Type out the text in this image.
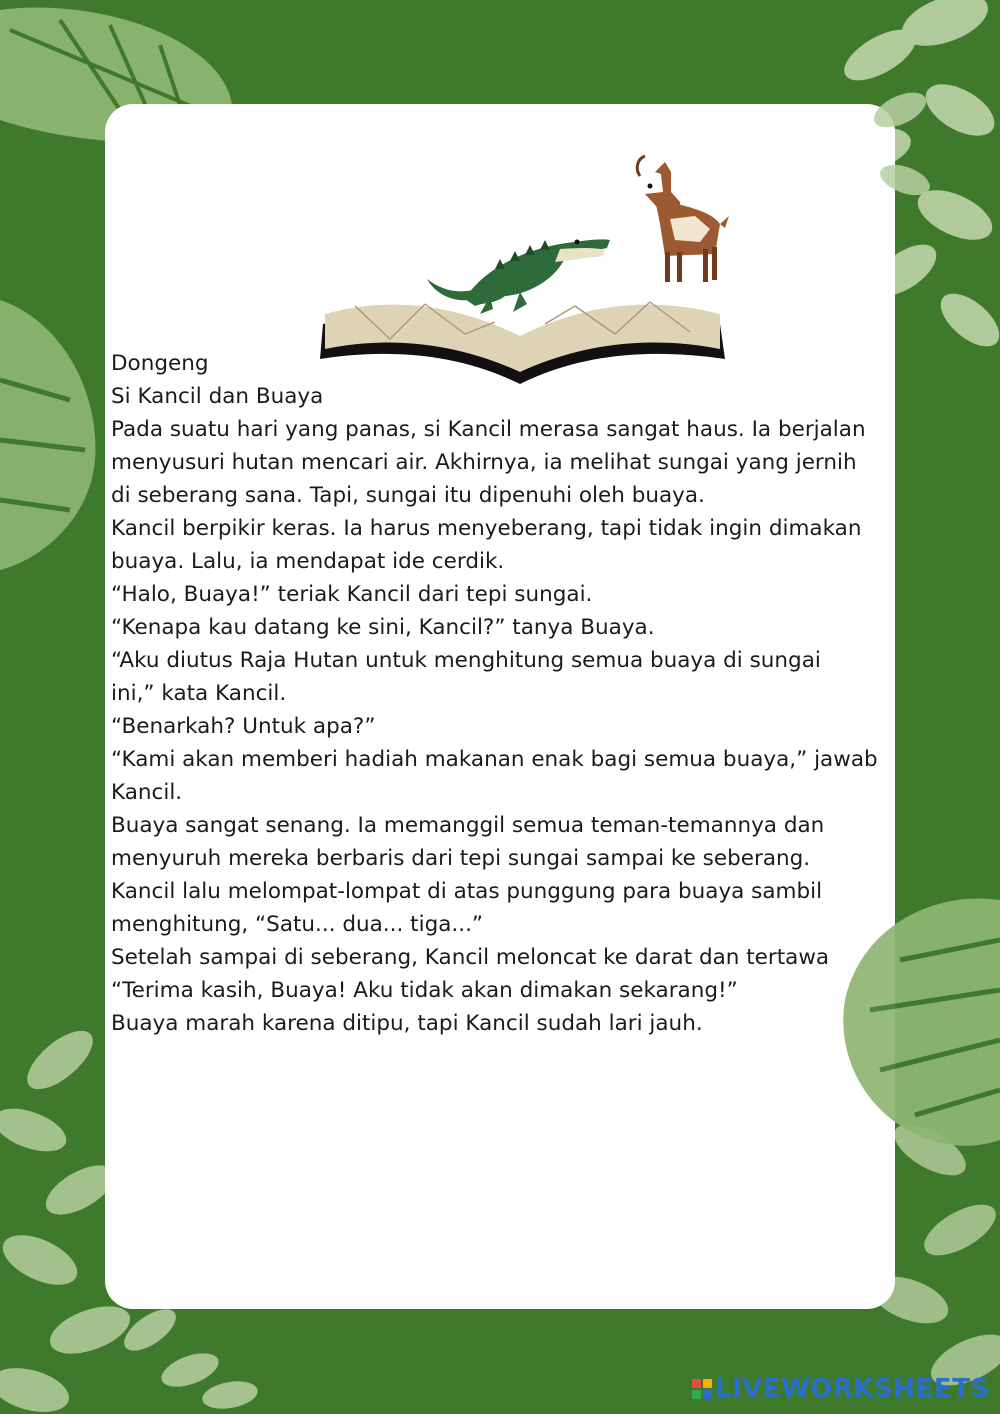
Dongeng
Si Kancil dan Buaya
Pada suatu hari yang panas, si Kancil merasa sangat haus. Ia berjalan
menyusuri hutan mencari air. Akhirnya, ia melihat sungai yang jernih
di seberang sana. Tapi, sungai itu dipenuhi oleh buaya.
Kancil berpikir keras. Ia harus menyeberang, tapi tidak ingin dimakan
buaya. Lalu, ia mendapat ide cerdik.
“Halo, Buaya!” teriak Kancil dari tepi sungai.
“Kenapa kau datang ke sini, Kancil?” tanya Buaya.
“Aku diutus Raja Hutan untuk menghitung semua buaya di sungai
ini,” kata Kancil.
“Benarkah? Untuk apa?”
“Kami akan memberi hadiah makanan enak bagi semua buaya,” jawab
Kancil.
Buaya sangat senang. Ia memanggil semua teman-temannya dan
menyuruh mereka berbaris dari tepi sungai sampai ke seberang.
Kancil lalu melompat-lompat di atas punggung para buaya sambil
menghitung, “Satu... dua... tiga...”
Setelah sampai di seberang, Kancil meloncat ke darat dan tertawa
“Terima kasih, Buaya! Aku tidak akan dimakan sekarang!”
Buaya marah karena ditipu, tapi Kancil sudah lari jauh.
LIVEWORKSHEETS
